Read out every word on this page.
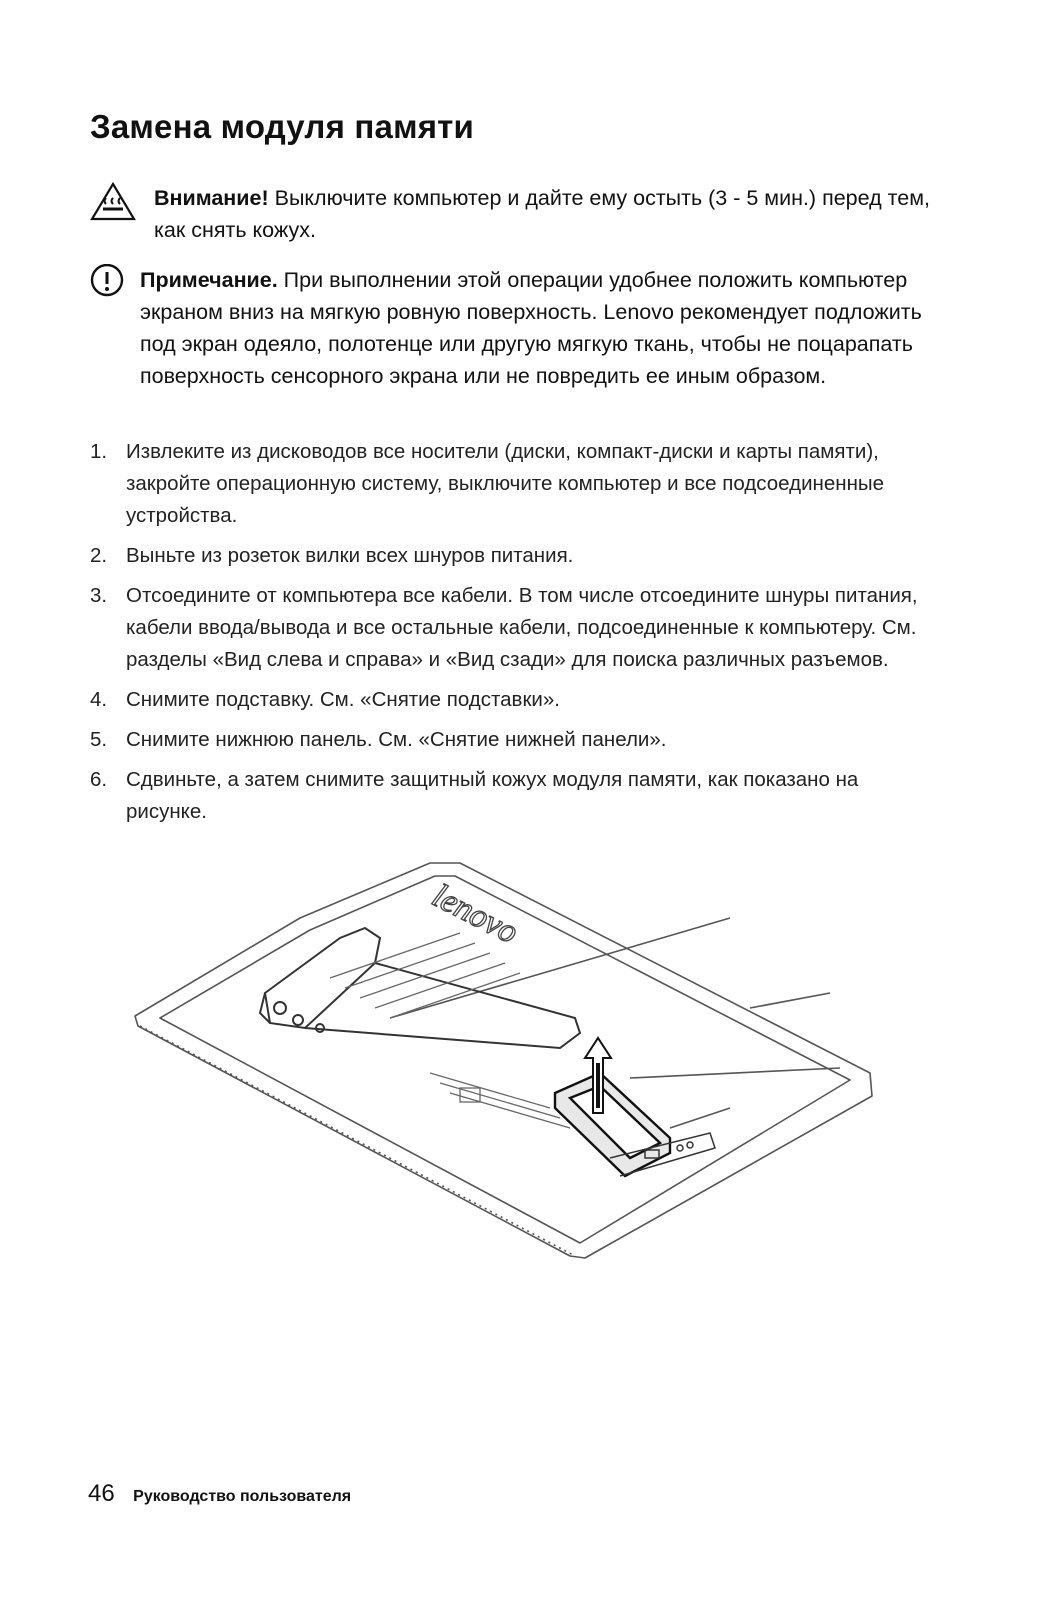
Замена модуля памяти
Внимание! Выключите компьютер и дайте ему остыть (3 - 5 мин.) перед тем, как снять кожух.
Примечание. При выполнении этой операции удобнее положить компьютер экраном вниз на мягкую ровную поверхность. Lenovo рекомендует подложить под экран одеяло, полотенце или другую мягкую ткань, чтобы не поцарапать поверхность сенсорного экрана или не повредить ее иным образом.
1. Извлеките из дисководов все носители (диски, компакт-диски и карты памяти), закройте операционную систему, выключите компьютер и все подсоединенные устройства.
2. Выньте из розеток вилки всех шнуров питания.
3. Отсоедините от компьютера все кабели. В том числе отсоедините шнуры питания, кабели ввода/вывода и все остальные кабели, подсоединенные к компьютеру. См. разделы «Вид слева и справа» и «Вид сзади» для поиска различных разъемов.
4. Снимите подставку. См. «Снятие подставки».
5. Снимите нижнюю панель. См. «Снятие нижней панели».
6. Сдвиньте, а затем снимите защитный кожух модуля памяти, как показано на рисунке.
lenovo
46 Руководство пользователя
